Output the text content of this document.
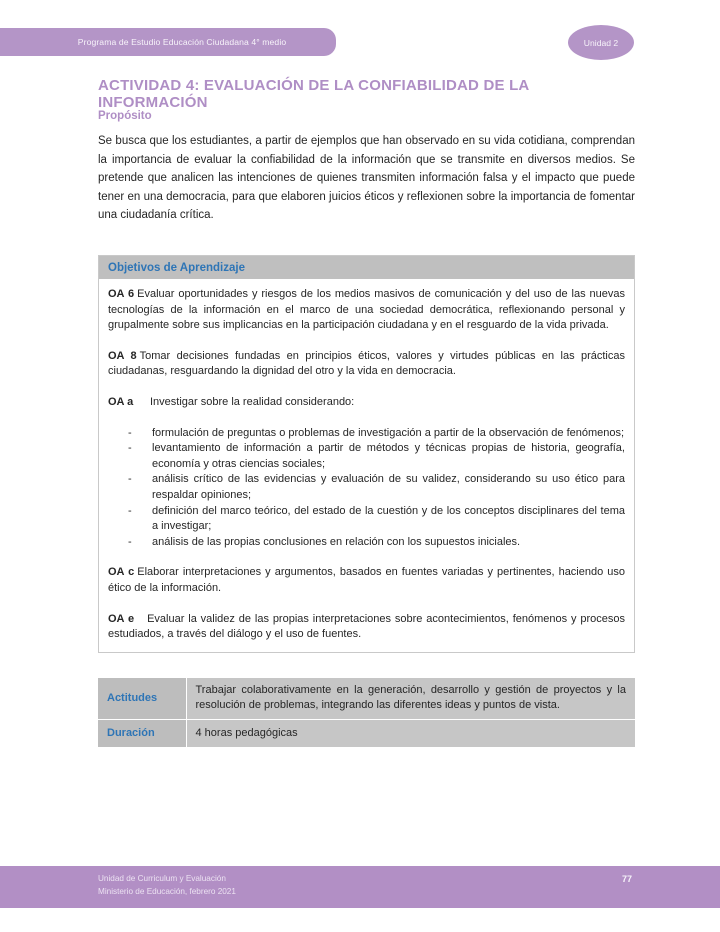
Programa de Estudio Educación Ciudadana 4° medio	Unidad 2
ACTIVIDAD 4: EVALUACIÓN DE LA CONFIABILIDAD DE LA INFORMACIÓN
Propósito

Se busca que los estudiantes, a partir de ejemplos que han observado en su vida cotidiana, comprendan la importancia de evaluar la confiabilidad de la información que se transmite en diversos medios. Se pretende que analicen las intenciones de quienes transmiten información falsa y el impacto que puede tener en una democracia, para que elaboren juicios éticos y reflexionen sobre la importancia de fomentar una ciudadanía crítica.

Objetivos de Aprendizaje

OA 6 Evaluar oportunidades y riesgos de los medios masivos de comunicación y del uso de las nuevas tecnologías de la información en el marco de una sociedad democrática, reflexionando personal y grupalmente sobre sus implicancias en la participación ciudadana y en el resguardo de la vida privada.

OA 8 Tomar decisiones fundadas en principios éticos, valores y virtudes públicas en las prácticas ciudadanas, resguardando la dignidad del otro y la vida en democracia.

OA a Investigar sobre la realidad considerando:

-	formulación de preguntas o problemas de investigación a partir de la observación de fenómenos;
-	levantamiento de información a partir de métodos y técnicas propias de historia, geografía, economía y otras ciencias sociales;
-	análisis crítico de las evidencias y evaluación de su validez, considerando su uso ético para respaldar opiniones;
-	definición del marco teórico, del estado de la cuestión y de los conceptos disciplinares del tema a investigar;
-	análisis de las propias conclusiones en relación con los supuestos iniciales.

OA c Elaborar interpretaciones y argumentos, basados en fuentes variadas y pertinentes, haciendo uso ético de la información.

OA e Evaluar la validez de las propias interpretaciones sobre acontecimientos, fenómenos y procesos estudiados, a través del diálogo y el uso de fuentes.

Actitudes	Trabajar colaborativamente en la generación, desarrollo y gestión de proyectos y la resolución de problemas, integrando las diferentes ideas y puntos de vista.
Duración	4 horas pedagógicas
Unidad de Curriculum y Evaluación
Ministerio de Educación, febrero 2021
77
